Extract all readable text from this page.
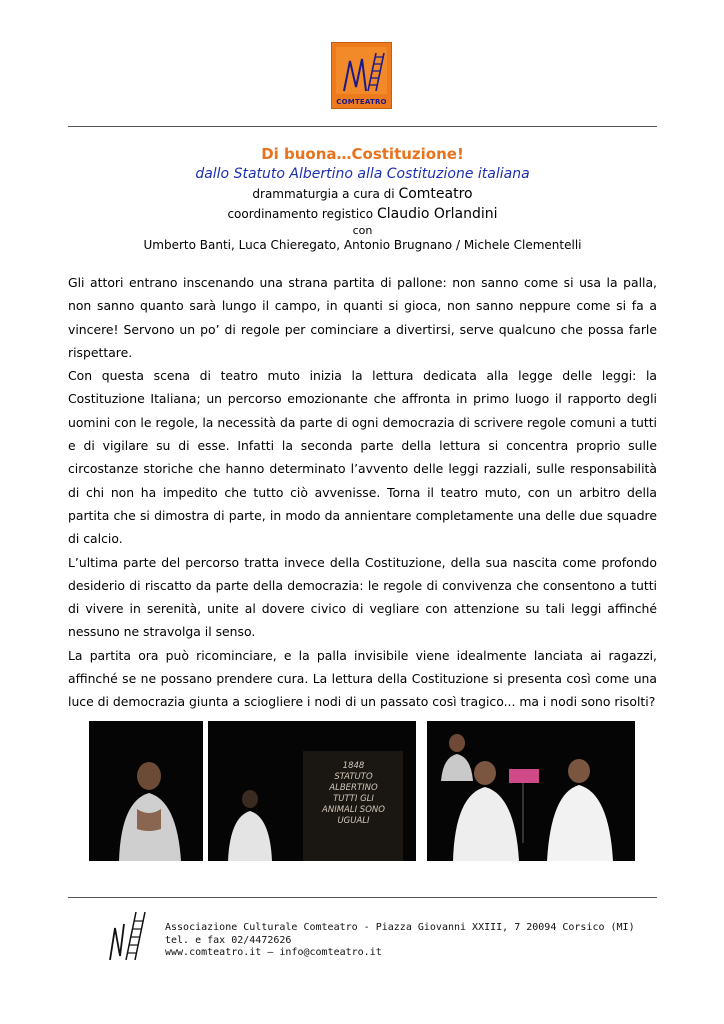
COMTEATRO
Di buona…Costituzione!
dallo Statuto Albertino alla Costituzione italiana
drammaturgia a cura di Comteatro
coordinamento registico Claudio Orlandini
con
Umberto Banti, Luca Chieregato, Antonio Brugnano / Michele Clementelli

Gli attori entrano inscenando una strana partita di pallone: non sanno come si usa la palla, non sanno quanto sarà lungo il campo, in quanti si gioca, non sanno neppure come si fa a vincere! Servono un po’ di regole per cominciare a divertirsi, serve qualcuno che possa farle rispettare.

Con questa scena di teatro muto inizia la lettura dedicata alla legge delle leggi: la Costituzione Italiana; un percorso emozionante che affronta in primo luogo il rapporto degli uomini con le regole, la necessità da parte di ogni democrazia di scrivere regole comuni a tutti e di vigilare su di esse. Infatti la seconda parte della lettura si concentra proprio sulle circostanze storiche che hanno determinato l’avvento delle leggi razziali, sulle responsabilità di chi non ha impedito che tutto ciò avvenisse. Torna il teatro muto, con un arbitro della partita che si dimostra di parte, in modo da annientare completamente una delle due squadre di calcio.

L’ultima parte del percorso tratta invece della Costituzione, della sua nascita come profondo desiderio di riscatto da parte della democrazia: le regole di convivenza che consentono a tutti di vivere in serenità, unite al dovere civico di vegliare con attenzione su tali leggi affinché nessuno ne stravolga il senso.

La partita ora può ricominciare, e la palla invisibile viene idealmente lanciata ai ragazzi, affinché se ne possano prendere cura. La lettura della Costituzione si presenta così come una luce di democrazia giunta a sciogliere i nodi di un passato così tragico... ma i nodi sono risolti?

1848
STATUTO
ALBERTINO
TUTTI GLI
ANIMALI SONO
UGUALI
Associazione Culturale Comteatro - Piazza Giovanni XXIII, 7 20094 Corsico (MI)
tel. e fax 02/4472626
www.comteatro.it – info@comteatro.it
